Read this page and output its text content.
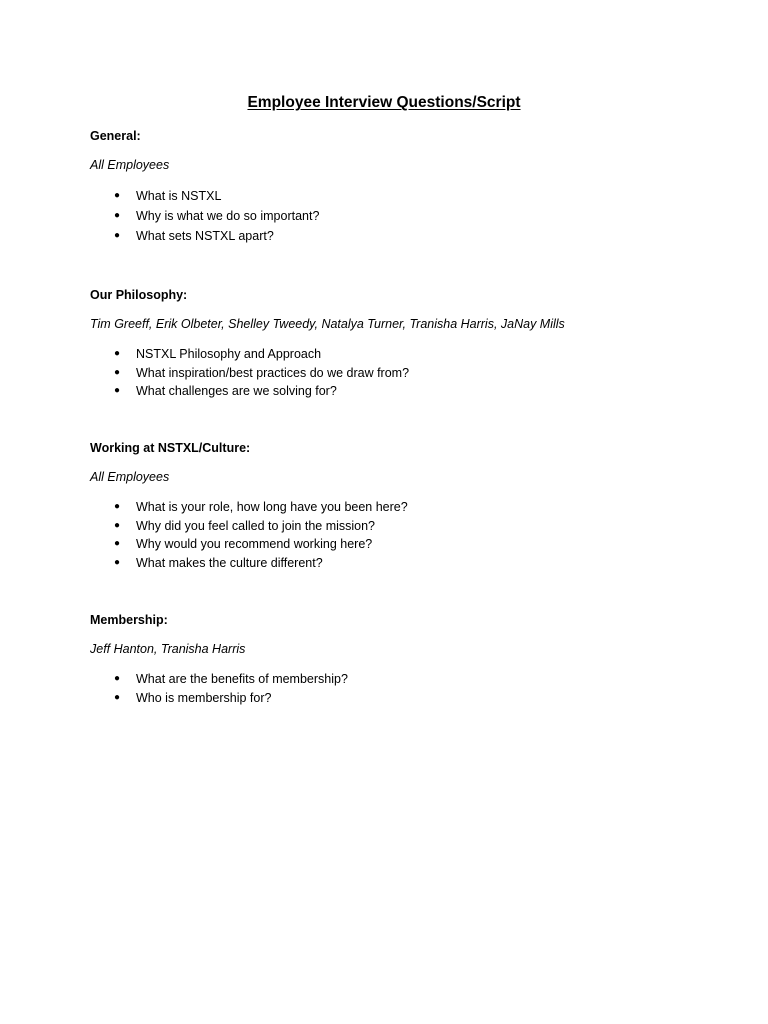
Employee Interview Questions/Script

General:

All Employees

● What is NSTXL
● Why is what we do so important?
● What sets NSTXL apart?

Our Philosophy:

Tim Greeff, Erik Olbeter, Shelley Tweedy, Natalya Turner, Tranisha Harris, JaNay Mills

● NSTXL Philosophy and Approach
● What inspiration/best practices do we draw from?
● What challenges are we solving for?

Working at NSTXL/Culture:

All Employees

● What is your role, how long have you been here?
● Why did you feel called to join the mission?
● Why would you recommend working here?
● What makes the culture different?

Membership:

Jeff Hanton, Tranisha Harris

● What are the benefits of membership?
● Who is membership for?
